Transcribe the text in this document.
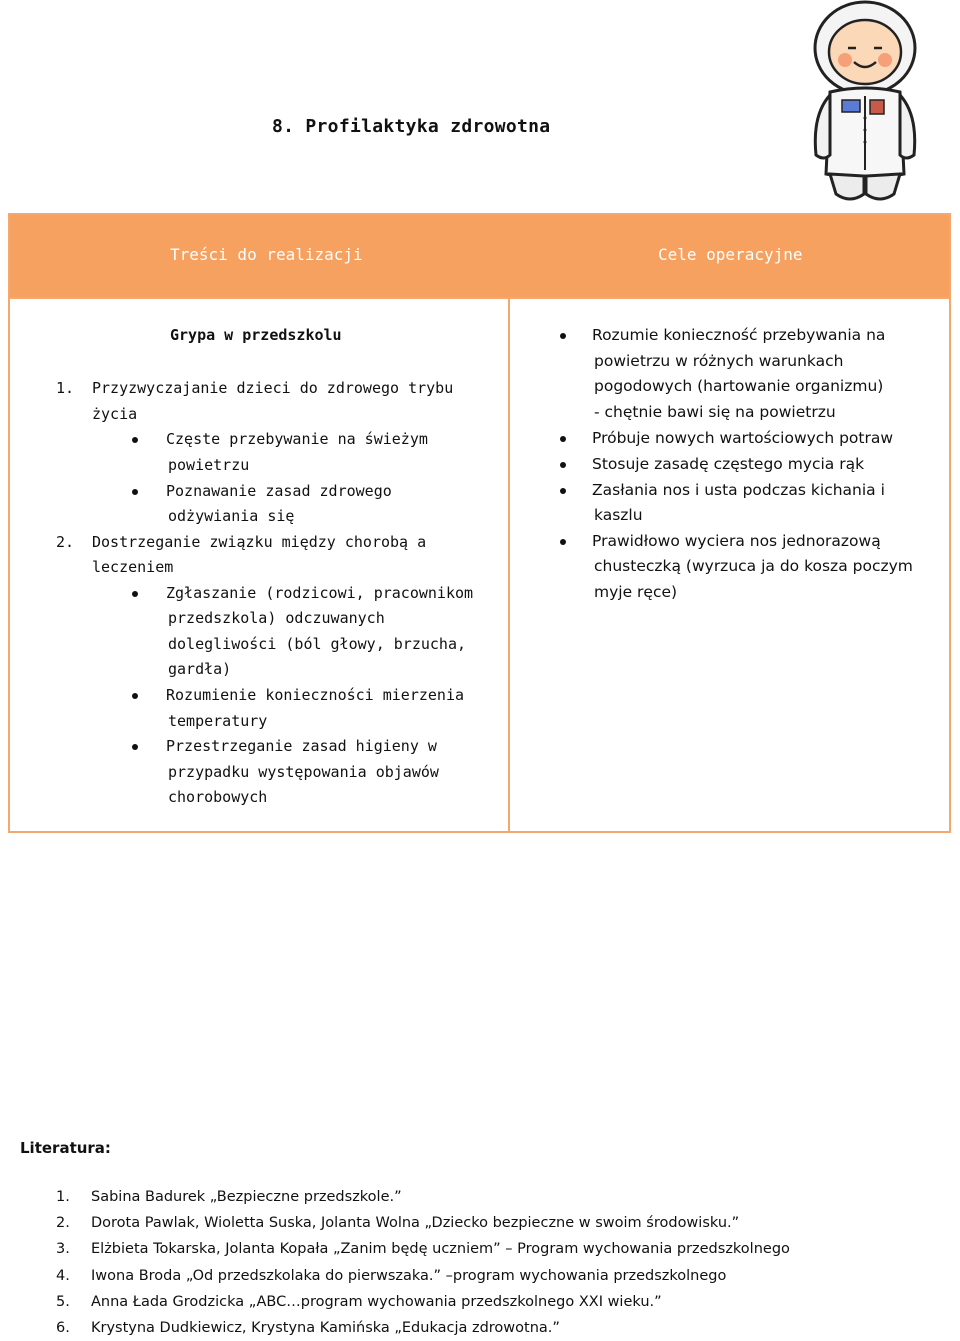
8. Profilaktyka zdrowotna
Treści do realizacji	Cele operacyjne
Grypa w przedszkolu
1. Przyzwyczajanie dzieci do zdrowego trybu
życia
Częste przebywanie na świeżym
powietrzu
Poznawanie zasad zdrowego
odżywiania się
2. Dostrzeganie związku między chorobą a
leczeniem
Zgłaszanie (rodzicowi, pracownikom
przedszkola) odczuwanych
dolegliwości (ból głowy, brzucha,
gardła)
Rozumienie konieczności mierzenia
temperatury
Przestrzeganie zasad higieny w
przypadku występowania objawów
chorobowych
Rozumie konieczność przebywania na
powietrzu w różnych warunkach
pogodowych (hartowanie organizmu)
- chętnie bawi się na powietrzu
Próbuje nowych wartościowych potraw
Stosuje zasadę częstego mycia rąk
Zasłania nos i usta podczas kichania i
kaszlu
Prawidłowo wyciera nos jednorazową
chusteczką (wyrzuca ja do kosza poczym
myje ręce)
Literatura:
1. Sabina Badurek „Bezpieczne przedszkole.”
2. Dorota Pawlak, Wioletta Suska, Jolanta Wolna „Dziecko bezpieczne w swoim środowisku.”
3. Elżbieta Tokarska, Jolanta Kopała „Zanim będę uczniem” – Program wychowania przedszkolnego
4. Iwona Broda „Od przedszkolaka do pierwszaka.” –program wychowania przedszkolnego
5. Anna Łada Grodzicka „ABC…program wychowania przedszkolnego XXI wieku.”
6. Krystyna Dudkiewicz, Krystyna Kamińska „Edukacja zdrowotna.”
